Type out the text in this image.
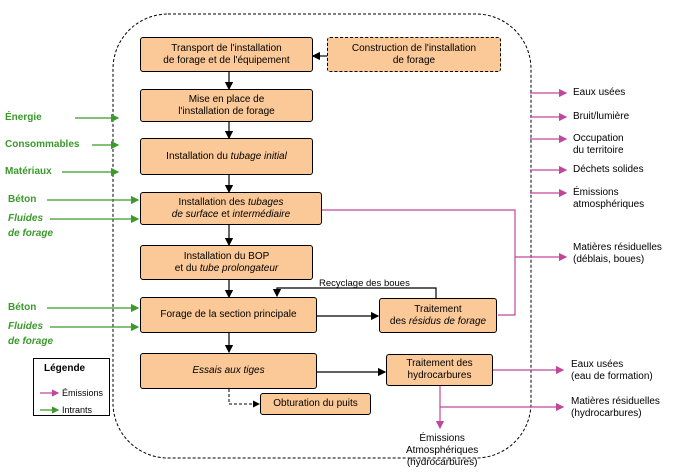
Transport de l'installation
de forage et de l'équipement
Construction de l'installation
de forage
Mise en place de
l'installation de forage
Installation du tubage initial
Installation des tubages
de surface et intermédiaire
Installation du BOP
et du tube prolongateur
Forage de la section principale	Traitement
des résidus de forage
Essais aux tiges
Traitement des
hydrocarbures
Obturation du puits
Recyclage des boues
Énergie
Consommables
Matériaux
Béton
Fluides
de forage
Béton
Fluides
de forage
Eaux usées
Bruit/lumière
Occupation
du territoire
Déchets solides
Émissions
atmosphériques
Matières résiduelles
(déblais, boues)
Eaux usées
(eau de formation)
Matières résiduelles
(hydrocarbures)
Émissions
Atmosphériques
(hydrocarbures)
Légende
Émissions
Intrants
